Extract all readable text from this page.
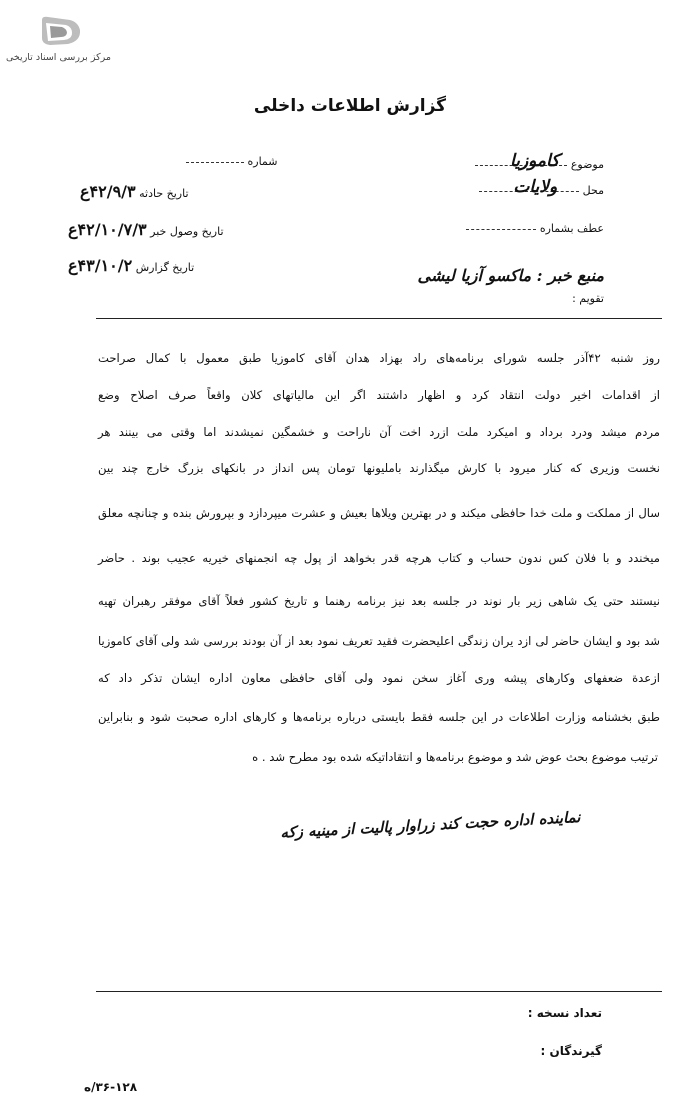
مرکز بررسی اسناد تاریخی
گزارش اطلاعات داخلی
موضوع
کاموزیا
محل
ولایات
عطف بشماره
منبع خبر : ماکسو آزیا لیشی
تقویم :
شماره
تاریخ حادثه ۴۲/۹/۳ع
تاریخ وصول خبر ۴۲/۱۰/۷/۳ع
تاریخ گزارش ۴۳/۱۰/۲ع
روز شنبه ۴۲آذر جلسه شورای برنامه‌های راد بهزاد هدان آقای کاموزیا طبق معمول با کمال صراحت
از اقدامات اخیر دولت انتقاد کرد و اظهار داشتند اگر این مالیاتهای کلان واقعاً صرف اصلاح وضع
مردم میشد ودرد برداد و امیکرد ملت ازرد اخت آن ناراحت و خشمگین نمیشدند اما وقتی می بینند هر
نخست وزیری که کنار میرود با کارش میگذارند باملیونها تومان پس انداز در بانکهای بزرگ خارج چند بین
سال از مملکت و ملت خدا حافظی میکند و در بهترین ویلاها بعیش و عشرت میپردازد و بپرورش بنده و چنانچه معلق
میخندد و با فلان کس ندون حساب و کتاب هرچه قدر بخواهد از پول چه انجمنهای خیریه عجیب بوند . حاضر
نیستند حتی یک شاهی زیر بار نوند در جلسه بعد نیز برنامه رهنما و تاریخ کشور فعلاً آقای موفقر رهبران تهیه
شد بود و ایشان حاضر لی ازد یران زندگی اعلیحضرت فقید تعریف نمود بعد از آن بودند بررسی شد ولی آقای کاموزیا
ازعدة ضعفهای وکارهای پیشه وری آغاز سخن نمود ولی آقای حافظی معاون اداره ایشان تذکر داد که
طبق بخشنامه وزارت اطلاعات در این جلسه فقط بایستی درباره برنامه‌ها و کارهای اداره صحبت شود و بنابراین
ترتیب موضوع بحث عوض شد و موضوع برنامه‌ها و انتقاداتیکه شده بود مطرح شد . ه
نماینده اداره حجت کند زراوار پالیت از مینیه زکه
تعداد نسخه :
گیرندگان :
۳۶-۱۲۸/ه
